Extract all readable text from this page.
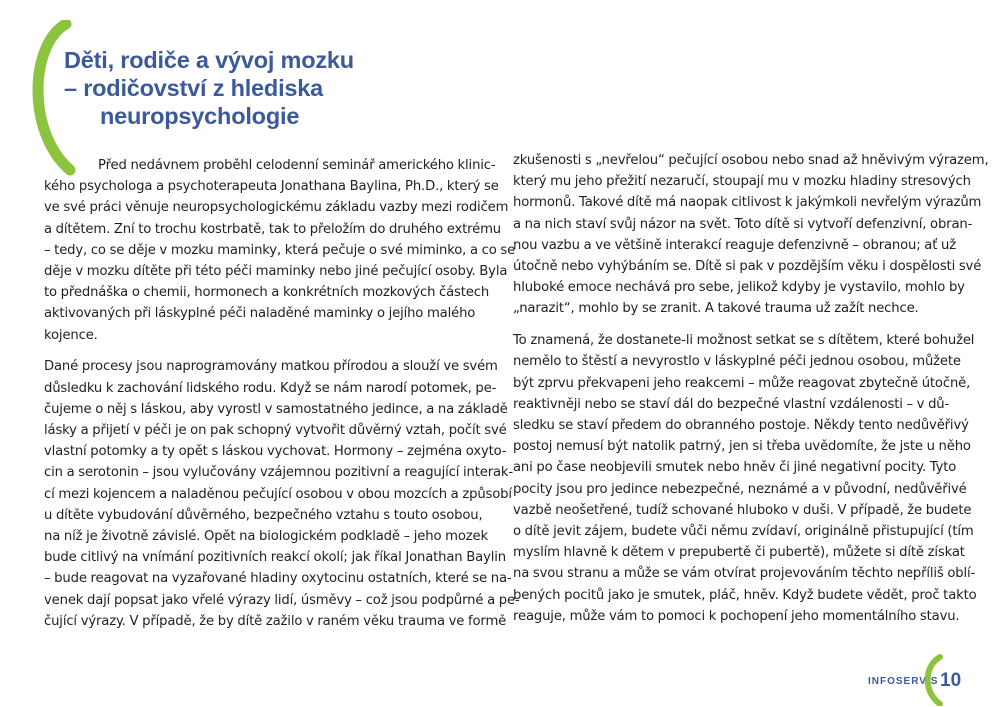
Děti, rodiče a vývoj mozku
– rodičovství z hlediska
neuropsychologie

Před nedávnem proběhl celodenní seminář amerického klinic-
kého psychologa a psychoterapeuta Jonathana Baylina, Ph.D., který se
ve své práci věnuje neuropsychologickému základu vazby mezi rodičem
a dítětem. Zní to trochu kostrbatě, tak to přeložím do druhého extrému
– tedy, co se děje v mozku maminky, která pečuje o své miminko, a co se
děje v mozku dítěte při této péči maminky nebo jiné pečující osoby. Byla
to přednáška o chemii, hormonech a konkrétních mozkových částech
aktivovaných při láskyplné péči naladěné maminky o jejího malého
kojence.

Dané procesy jsou naprogramovány matkou přírodou a slouží ve svém
důsledku k zachování lidského rodu. Když se nám narodí potomek, pe-
čujeme o něj s láskou, aby vyrostl v samostatného jedince, a na základě
lásky a přijetí v péči je on pak schopný vytvořit důvěrný vztah, počít své
vlastní potomky a ty opět s láskou vychovat. Hormony – zejména oxyto-
cin a serotonin – jsou vylučovány vzájemnou pozitivní a reagující interak-
cí mezi kojencem a naladěnou pečující osobou v obou mozcích a způsobí
u dítěte vybudování důvěrného, bezpečného vztahu s touto osobou,
na níž je životně závislé. Opět na biologickém podkladě – jeho mozek
bude citlivý na vnímání pozitivních reakcí okolí; jak říkal Jonathan Baylin
– bude reagovat na vyzařované hladiny oxytocinu ostatních, které se na-
venek dají popsat jako vřelé výrazy lidí, úsměvy – což jsou podpůrné a pe-
čující výrazy. V případě, že by dítě zažilo v raném věku trauma ve formě

zkušenosti s „nevřelou“ pečující osobou nebo snad až hněvivým výrazem,
který mu jeho přežití nezaručí, stoupají mu v mozku hladiny stresových
hormonů. Takové dítě má naopak citlivost k jakýmkoli nevřelým výrazům
a na nich staví svůj názor na svět. Toto dítě si vytvoří defenzivní, obran-
nou vazbu a ve většině interakcí reaguje defenzivně – obranou; ať už
útočně nebo vyhýbáním se. Dítě si pak v pozdějším věku i dospělosti své
hluboké emoce nechává pro sebe, jelikož kdyby je vystavilo, mohlo by
„narazit“, mohlo by se zranit. A takové trauma už zažít nechce.

To znamená, že dostanete-li možnost setkat se s dítětem, které bohužel
nemělo to štěstí a nevyrostlo v láskyplné péči jednou osobou, můžete
být zprvu překvapeni jeho reakcemi – může reagovat zbytečně útočně,
reaktivněji nebo se staví dál do bezpečné vlastní vzdálenosti – v dů-
sledku se staví předem do obranného postoje. Někdy tento nedůvěřivý
postoj nemusí být natolik patrný, jen si třeba uvědomíte, že jste u něho
ani po čase neobjevili smutek nebo hněv či jiné negativní pocity. Tyto
pocity jsou pro jedince nebezpečné, neznámé a v původní, nedůvěřivé
vazbě neošetřené, tudíž schované hluboko v duši. V případě, že budete
o dítě jevit zájem, budete vůči němu zvídaví, originálně přistupující (tím
myslím hlavně k dětem v prepubertě či pubertě), můžete si dítě získat
na svou stranu a může se vám otvírat projevováním těchto nepříliš oblí-
bených pocitů jako je smutek, pláč, hněv. Když budete vědět, proč takto
reaguje, může vám to pomoci k pochopení jeho momentálního stavu.

INFOSERVIS 10
